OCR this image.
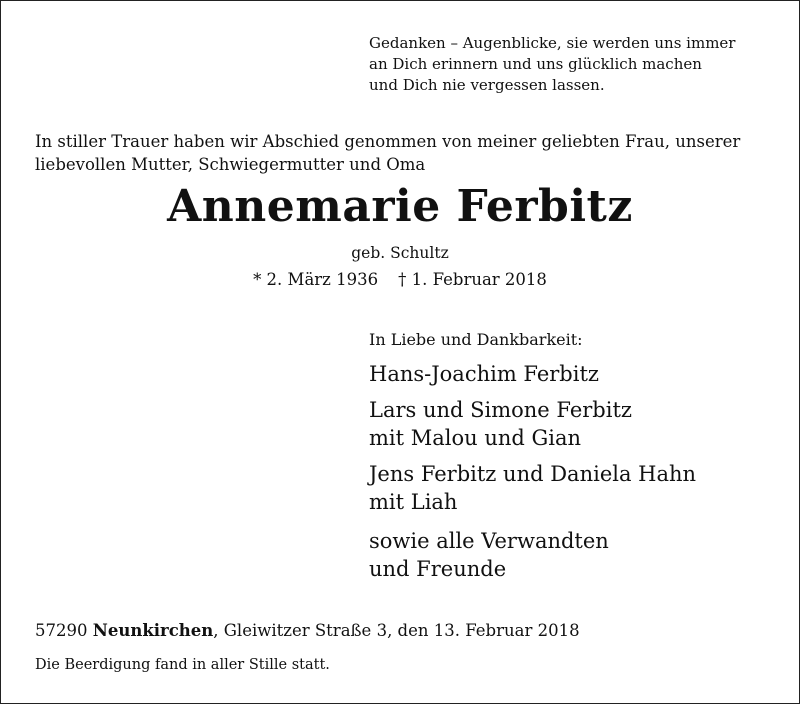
Gedanken – Augenblicke, sie werden uns immer
an Dich erinnern und uns glücklich machen
und Dich nie vergessen lassen.
In stiller Trauer haben wir Abschied genommen von meiner geliebten Frau, unserer
liebevollen Mutter, Schwiegermutter und Oma
Annemarie Ferbitz
geb. Schultz
* 2. März 1936 † 1. Februar 2018
In Liebe und Dankbarkeit:
Hans-Joachim Ferbitz
Lars und Simone Ferbitz
mit Malou und Gian
Jens Ferbitz und Daniela Hahn
mit Liah
sowie alle Verwandten
und Freunde
57290 Neunkirchen, Gleiwitzer Straße 3, den 13. Februar 2018
Die Beerdigung fand in aller Stille statt.
